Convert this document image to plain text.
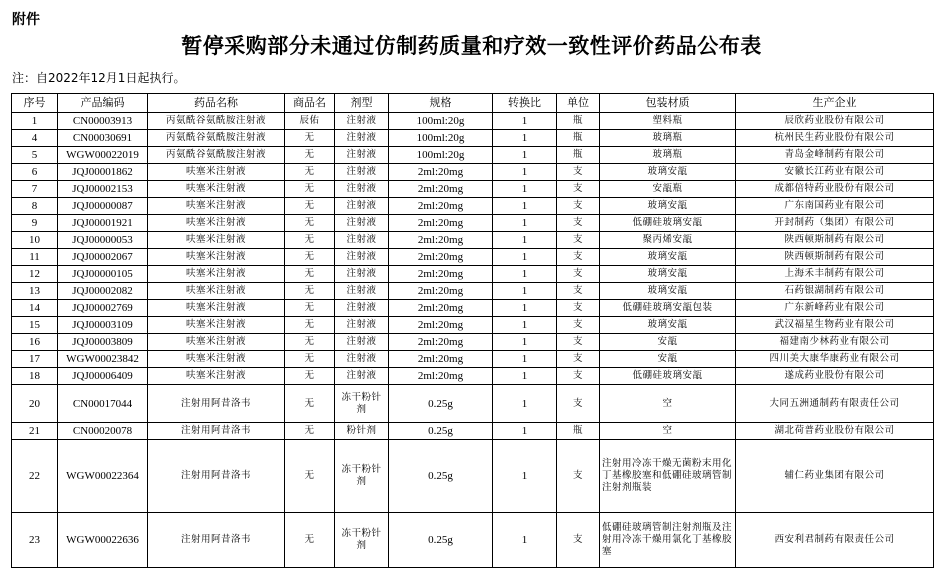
附件
暂停采购部分未通过仿制药质量和疗效一致性评价药品公布表
注：自2022年12月1日起执行。
序号	产品编码	药品名称	商品名	剂型	规格	转换比	单位	包装材质	生产企业
1	CN00003913	丙氨酰谷氨酰胺注射液	辰佑	注射液	100ml:20g	1	瓶	塑料瓶	辰欣药业股份有限公司
4	CN00030691	丙氨酰谷氨酰胺注射液	无	注射液	100ml:20g	1	瓶	玻璃瓶	杭州民生药业股份有限公司
5	WGW00022019	丙氨酰谷氨酰胺注射液	无	注射液	100ml:20g	1	瓶	玻璃瓶	青岛金峰制药有限公司
6	JQJ00001862	呋塞米注射液	无	注射液	2ml:20mg	1	支	玻璃安瓿	安徽长江药业有限公司
7	JQJ00002153	呋塞米注射液	无	注射液	2ml:20mg	1	支	安瓿瓶	成都倍特药业股份有限公司
8	JQJ00000087	呋塞米注射液	无	注射液	2ml:20mg	1	支	玻璃安瓿	广东南国药业有限公司
9	JQJ00001921	呋塞米注射液	无	注射液	2ml:20mg	1	支	低硼硅玻璃安瓿	开封制药（集团）有限公司
10	JQJ00000053	呋塞米注射液	无	注射液	2ml:20mg	1	支	聚丙烯安瓿	陕西顿斯制药有限公司
11	JQJ00002067	呋塞米注射液	无	注射液	2ml:20mg	1	支	玻璃安瓿	陕西顿斯制药有限公司
12	JQJ00000105	呋塞米注射液	无	注射液	2ml:20mg	1	支	玻璃安瓿	上海禾丰制药有限公司
13	JQJ00002082	呋塞米注射液	无	注射液	2ml:20mg	1	支	玻璃安瓿	石药银湖制药有限公司
14	JQJ00002769	呋塞米注射液	无	注射液	2ml:20mg	1	支	低硼硅玻璃安瓿包装	广东新峰药业有限公司
15	JQJ00003109	呋塞米注射液	无	注射液	2ml:20mg	1	支	玻璃安瓿	武汉福星生物药业有限公司
16	JQJ00003809	呋塞米注射液	无	注射液	2ml:20mg	1	支	安瓿	福建南少林药业有限公司
17	WGW00023842	呋塞米注射液	无	注射液	2ml:20mg	1	支	安瓿	四川美大康华康药业有限公司
18	JQJ00006409	呋塞米注射液	无	注射液	2ml:20mg	1	支	低硼硅玻璃安瓿	遂成药业股份有限公司
20	CN00017044	注射用阿昔洛韦	无	冻干粉针剂	0.25g	1	支	空	大同五洲通制药有限责任公司
21	CN00020078	注射用阿昔洛韦	无	粉针剂	0.25g	1	瓶	空	湖北荷普药业股份有限公司
22	WGW00022364	注射用阿昔洛韦	无	冻干粉针剂	0.25g	1	支	注射用冷冻干燥无菌粉末用化丁基橡胶塞和低硼硅玻璃管制注射剂瓶装	辅仁药业集团有限公司
23	WGW00022636	注射用阿昔洛韦	无	冻干粉针剂	0.25g	1	支	低硼硅玻璃管制注射剂瓶及注射用冷冻干燥用氯化丁基橡胶塞	西安利君制药有限责任公司
